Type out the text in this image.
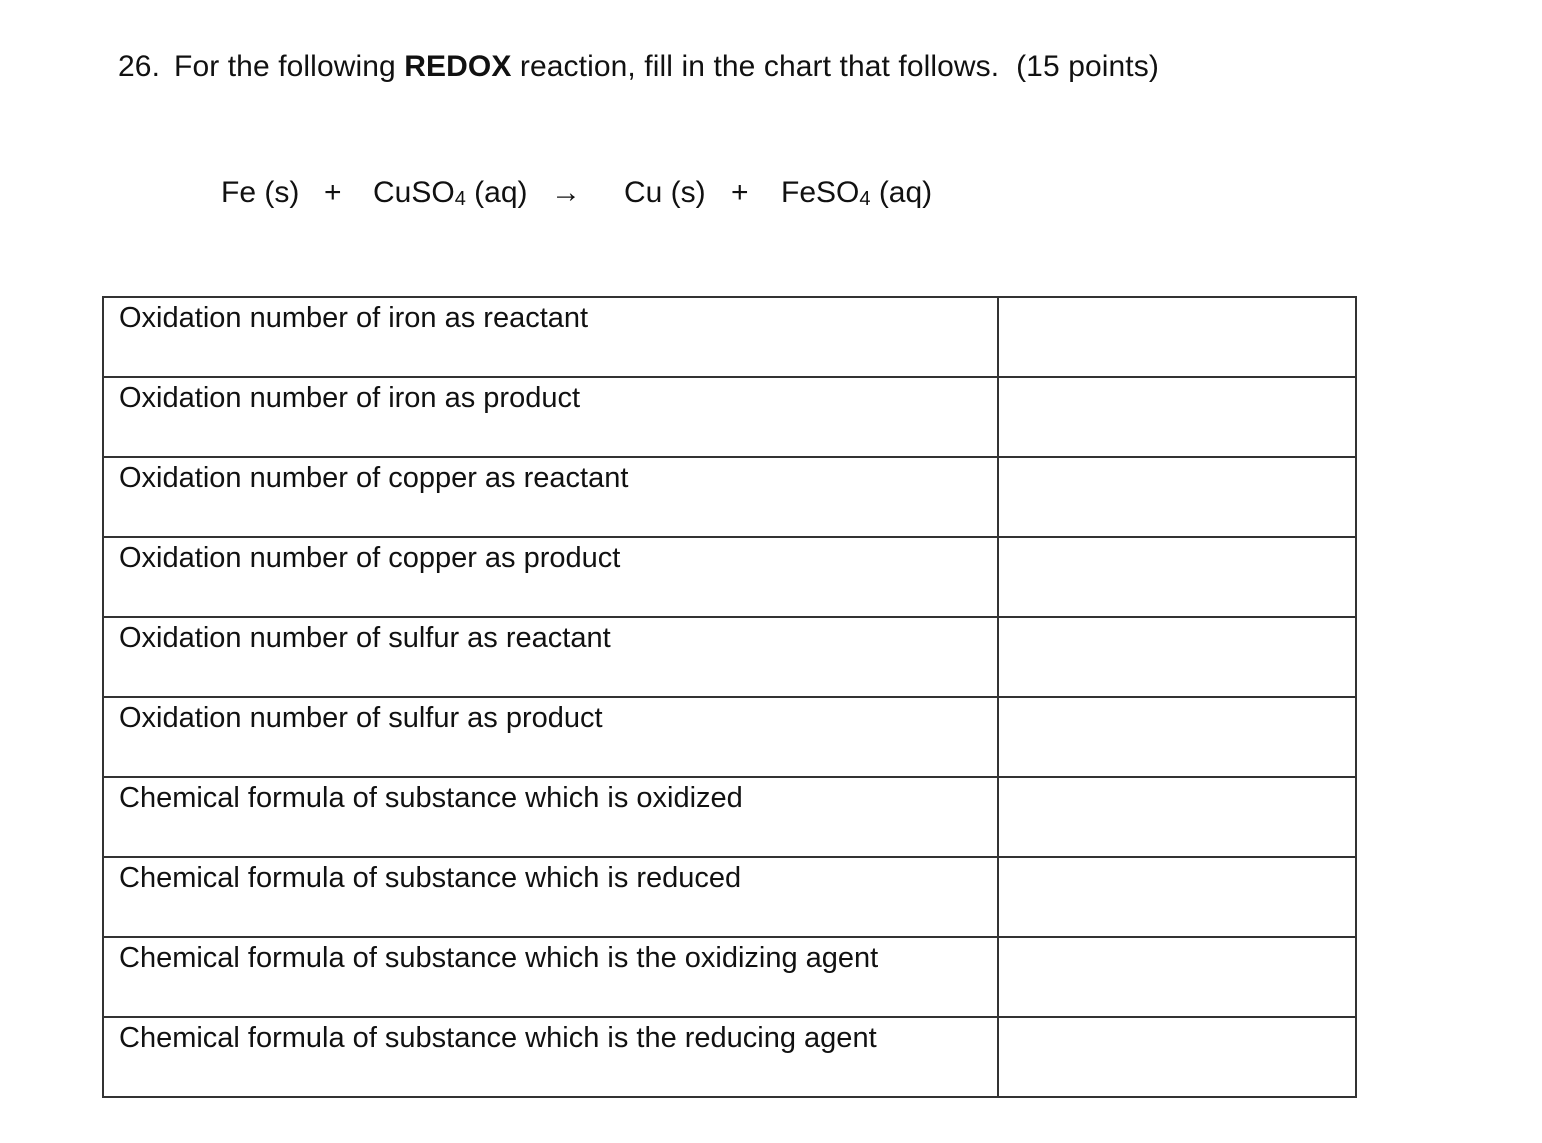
26. For the following REDOX reaction, fill in the chart that follows. (15 points)
Fe (s) + CuSO$_4$ (aq) → Cu (s) + FeSO$_4$ (aq)
Oxidation number of iron as reactant	
Oxidation number of iron as product	
Oxidation number of copper as reactant	
Oxidation number of copper as product	
Oxidation number of sulfur as reactant	
Oxidation number of sulfur as product	
Chemical formula of substance which is oxidized	
Chemical formula of substance which is reduced	
Chemical formula of substance which is the oxidizing agent	
Chemical formula of substance which is the reducing agent	
